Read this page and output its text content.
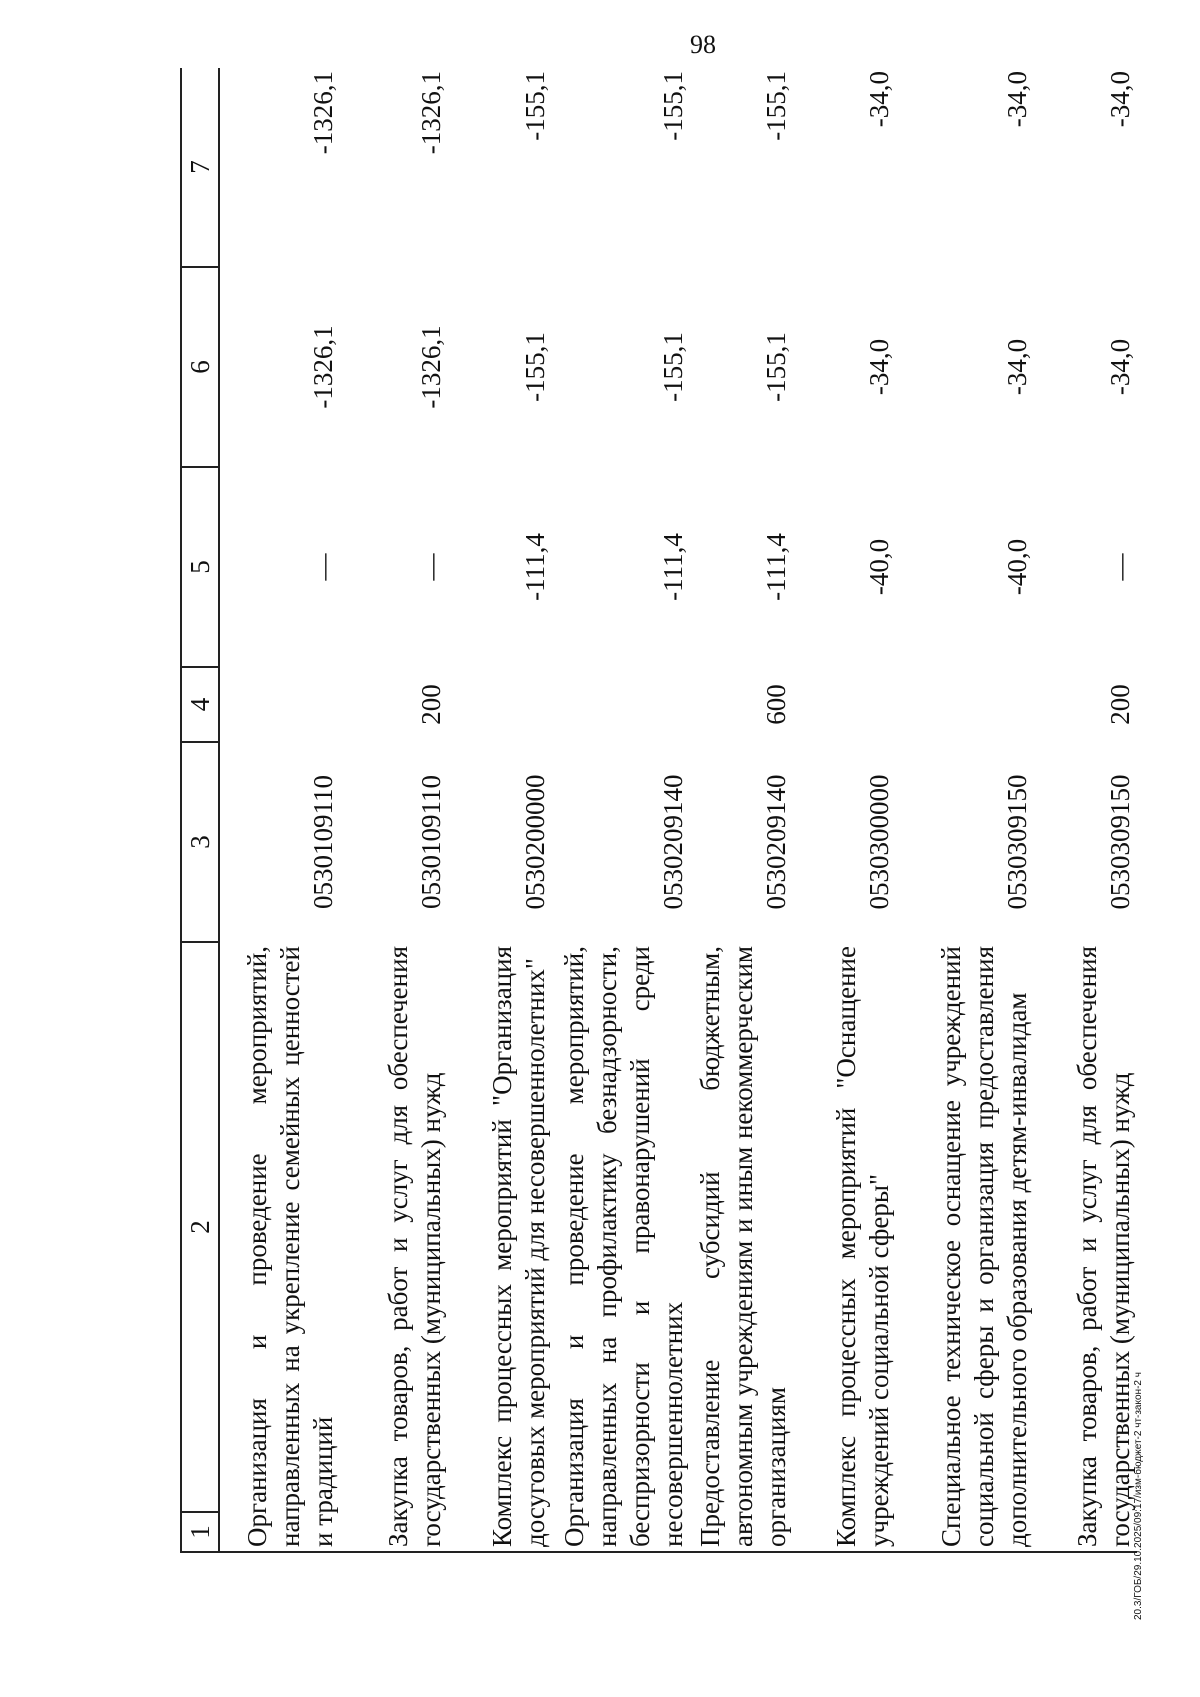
98
1	2	3	4	5	6	7
Организация и проведение мероприятий, направленных на укрепление семейных ценностей и традиций		0530109110		—	-1326,1	-1326,1
Закупка товаров, работ и услуг для обеспечения государственных (муниципальных) нужд		0530109110	200	—	-1326,1	-1326,1
Комплекс процессных мероприятий "Организация досуговых мероприятий для несовершеннолетних"		0530200000		-111,4	-155,1	-155,1
Организация и проведение мероприятий, направленных на профилактику безнадзорности, беспризорности и правонарушений среди несовершеннолетних		0530209140		-111,4	-155,1	-155,1
Предоставление субсидий бюджетным, автономным учреждениям и иным некоммерческим организациям		0530209140	600	-111,4	-155,1	-155,1
Комплекс процессных мероприятий "Оснащение учреждений социальной сферы"		0530300000		-40,0	-34,0	-34,0
Специальное техническое оснащение учреждений социальной сферы и организация предоставления дополнительного образования детям-инвалидам		0530309150		-40,0	-34,0	-34,0
Закупка товаров, работ и услуг для обеспечения государственных (муниципальных) нужд		0530309150	200	—	-34,0	-34,0
20.3/ГОБ/29.10.2025/09:17/изм-бюджет-2 чт-закон-2 ч
